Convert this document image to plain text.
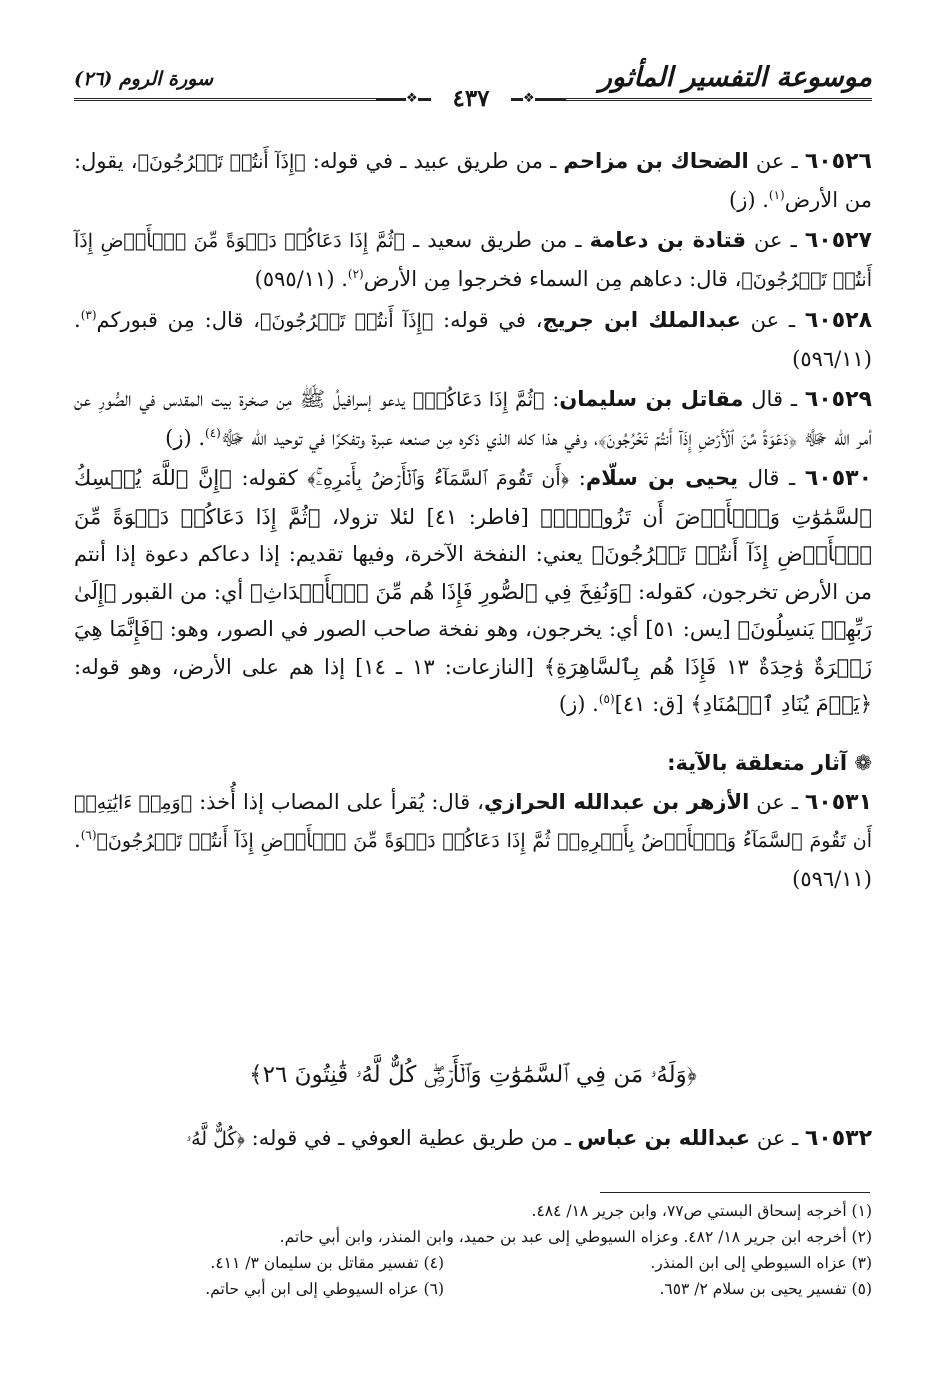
موسوعة التفسير المأثور
سورة الروم (٢٦)
❖	٤٣٧	❖

٦٠٥٢٦ ـ عن الضحاك بن مزاحم ـ من طريق عبيد ـ في قوله: ﴿إِذَآ أَنتُمۡ تَخۡرُجُونَ﴾، يقول: من الأرض$^{(١)}$. (ز)

٦٠٥٢٧ ـ عن قتادة بن دعامة ـ من طريق سعيد ـ ﴿ثُمَّ إِذَا دَعَاكُمۡ دَعۡوَةً مِّنَ ٱلۡأَرۡضِ إِذَآ أَنتُمۡ تَخۡرُجُونَ﴾، قال: دعاهم مِن السماء فخرجوا مِن الأرض$^{(٢)}$. (٥٩٥/١١)

٦٠٥٢٨ ـ عن عبدالملك ابن جريج، في قوله: ﴿إِذَآ أَنتُمۡ تَخۡرُجُونَ﴾، قال: مِن قبوركم$^{(٣)}$. (٥٩٦/١١)

٦٠٥٢٩ ـ قال مقاتل بن سليمان: ﴿ثُمَّ إِذَا دَعَاكُمۡ﴾ يدعو إسرافيلُ ﷺ مِن صخرة بيت المقدس في الصُّورِ عن أمر الله ﷻ ﴿دَعۡوَةً مِّنَ ٱلۡأَرۡضِ إِذَآ أَنتُمۡ تَخۡرُجُونَ﴾، وفي هذا كله الذي ذكره مِن صنعه عبرة وتفكرًا في توحيد الله ﷻ$^{(٤)}$. (ز)

٦٠٥٣٠ ـ قال يحيى بن سلّام: ﴿أَن تَقُومَ ٱلسَّمَآءُ وَٱلۡأَرۡضُ بِأَمۡرِهِۦۚ﴾ كقوله: ﴿إِنَّ ٱللَّهَ يُمۡسِكُ ٱلسَّمَٰوَٰتِ وَٱلۡأَرۡضَ أَن تَزُولَاۚ﴾ [فاطر: ٤١] لئلا تزولا، ﴿ثُمَّ إِذَا دَعَاكُمۡ دَعۡوَةً مِّنَ ٱلۡأَرۡضِ إِذَآ أَنتُمۡ تَخۡرُجُونَ﴾ يعني: النفخة الآخرة، وفيها تقديم: إذا دعاكم دعوة إذا أنتم من الأرض تخرجون، كقوله: ﴿وَنُفِخَ فِي ٱلصُّورِ فَإِذَا هُم مِّنَ ٱلۡأَجۡدَاثِ﴾ أي: من القبور ﴿إِلَىٰ رَبِّهِمۡ يَنسِلُونَ﴾ [يس: ٥١] أي: يخرجون، وهو نفخة صاحب الصور في الصور، وهو: ﴿فَإِنَّمَا هِيَ زَجۡرَةٌ وَٰحِدَةٌ ١٣ فَإِذَا هُم بِٱلسَّاهِرَةِ﴾ [النازعات: ١٣ ـ ١٤] إذا هم على الأرض، وهو قوله: ﴿يَوۡمَ يُنَادِ ٱلۡمُنَادِ﴾ [ق: ٤١]$^{(٥)}$. (ز)

❁ آثار متعلقة بالآية:

٦٠٥٣١ ـ عن الأزهر بن عبدالله الحرازي، قال: يُقرأ على المصاب إذا أُخذ: ﴿وَمِنۡ ءَايَٰتِهِۦٓ أَن تَقُومَ ٱلسَّمَآءُ وَٱلۡأَرۡضُ بِأَمۡرِهِۦۚ ثُمَّ إِذَا دَعَاكُمۡ دَعۡوَةً مِّنَ ٱلۡأَرۡضِ إِذَآ أَنتُمۡ تَخۡرُجُونَ﴾$^{(٦)}$. (٥٩٦/١١)

﴿وَلَهُۥ مَن فِي ٱلسَّمَٰوَٰتِ وَٱلۡأَرۡضِۖ كُلٌّ لَّهُۥ قَٰنِتُونَ ٢٦﴾

٦٠٥٣٢ ـ عن عبدالله بن عباس ـ من طريق عطية العوفي ـ في قوله: ﴿كُلٌّ لَّهُۥ

(١) أخرجه إسحاق البستي ص٧٧، وابن جرير ١٨/ ٤٨٤.
(٢) أخرجه ابن جرير ١٨/ ٤٨٢. وعزاه السيوطي إلى عبد بن حميد، وابن المنذر، وابن أبي حاتم.
(٣) عزاه السيوطي إلى ابن المنذر.
(٤) تفسير مقاتل بن سليمان ٣/ ٤١١.
(٥) تفسير يحيى بن سلام ٢/ ٦٥٣.
(٦) عزاه السيوطي إلى ابن أبي حاتم.
